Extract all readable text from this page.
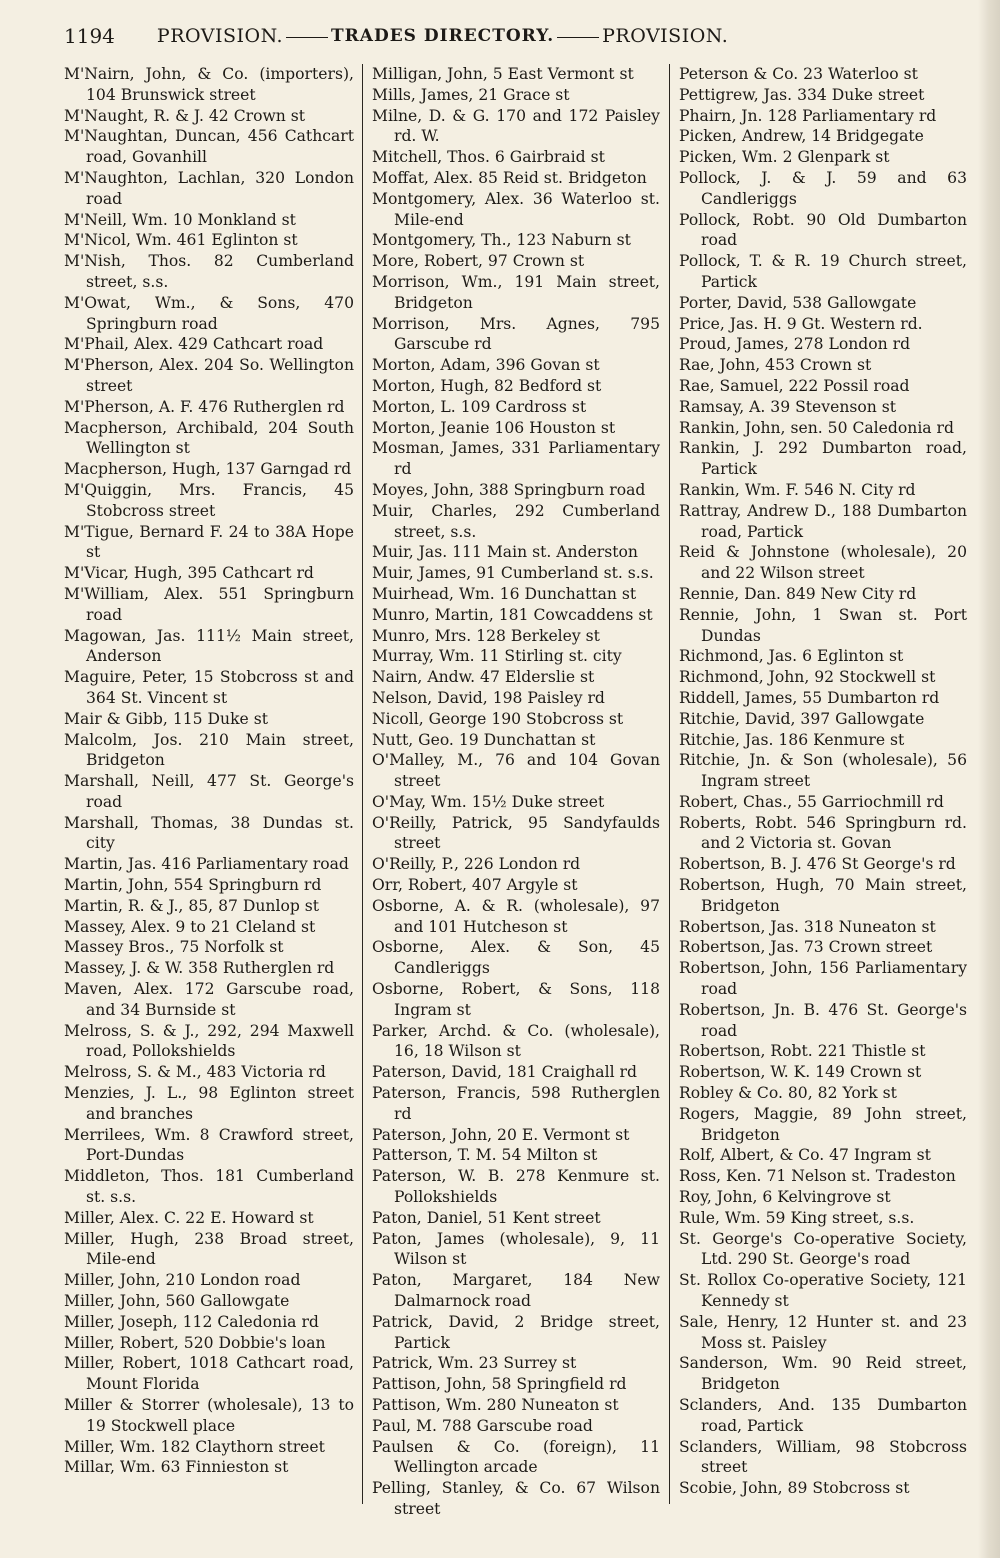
1194 PROVISION.	TRADES DIRECTORY.	PROVISION.

M'Nairn, John, & Co. (importers), 104 Brunswick street

M'Naught, R. & J. 42 Crown st

M'Naughtan, Duncan, 456 Cathcart road, Govanhill

M'Naughton, Lachlan, 320 London road

M'Neill, Wm. 10 Monkland st

M'Nicol, Wm. 461 Eglinton st

M'Nish, Thos. 82 Cumberland street, s.s.

M'Owat, Wm., & Sons, 470 Springburn road

M'Phail, Alex. 429 Cathcart road

M'Pherson, Alex. 204 So. Wellington street

M'Pherson, A. F. 476 Rutherglen rd

Macpherson, Archibald, 204 South Wellington st

Macpherson, Hugh, 137 Garngad rd

M'Quiggin, Mrs. Francis, 45 Stobcross street

M'Tigue, Bernard F. 24 to 38A Hope st

M'Vicar, Hugh, 395 Cathcart rd

M'William, Alex. 551 Springburn road

Magowan, Jas. 111½ Main street, Anderson

Maguire, Peter, 15 Stobcross st and 364 St. Vincent st

Mair & Gibb, 115 Duke st

Malcolm, Jos. 210 Main street, Bridgeton

Marshall, Neill, 477 St. George's road

Marshall, Thomas, 38 Dundas st. city

Martin, Jas. 416 Parliamentary road

Martin, John, 554 Springburn rd

Martin, R. & J., 85, 87 Dunlop st

Massey, Alex. 9 to 21 Cleland st

Massey Bros., 75 Norfolk st

Massey, J. & W. 358 Rutherglen rd

Maven, Alex. 172 Garscube road, and 34 Burnside st

Melross, S. & J., 292, 294 Maxwell road, Pollokshields

Melross, S. & M., 483 Victoria rd

Menzies, J. L., 98 Eglinton street and branches

Merrilees, Wm. 8 Crawford street, Port-Dundas

Middleton, Thos. 181 Cumberland st. s.s.

Miller, Alex. C. 22 E. Howard st

Miller, Hugh, 238 Broad street, Mile-end

Miller, John, 210 London road

Miller, John, 560 Gallowgate

Miller, Joseph, 112 Caledonia rd

Miller, Robert, 520 Dobbie's loan

Miller, Robert, 1018 Cathcart road, Mount Florida

Miller & Storrer (wholesale), 13 to 19 Stockwell place

Miller, Wm. 182 Claythorn street

Millar, Wm. 63 Finnieston st

Milligan, John, 5 East Vermont st

Mills, James, 21 Grace st

Milne, D. & G. 170 and 172 Paisley rd. W.

Mitchell, Thos. 6 Gairbraid st

Moffat, Alex. 85 Reid st. Bridgeton

Montgomery, Alex. 36 Waterloo st. Mile-end

Montgomery, Th., 123 Naburn st

More, Robert, 97 Crown st

Morrison, Wm., 191 Main street, Bridgeton

Morrison, Mrs. Agnes, 795 Garscube rd

Morton, Adam, 396 Govan st

Morton, Hugh, 82 Bedford st

Morton, L. 109 Cardross st

Morton, Jeanie 106 Houston st

Mosman, James, 331 Parliamentary rd

Moyes, John, 388 Springburn road

Muir, Charles, 292 Cumberland street, s.s.

Muir, Jas. 111 Main st. Anderston

Muir, James, 91 Cumberland st. s.s.

Muirhead, Wm. 16 Dunchattan st

Munro, Martin, 181 Cowcaddens st

Munro, Mrs. 128 Berkeley st

Murray, Wm. 11 Stirling st. city

Nairn, Andw. 47 Elderslie st

Nelson, David, 198 Paisley rd

Nicoll, George 190 Stobcross st

Nutt, Geo. 19 Dunchattan st

O'Malley, M., 76 and 104 Govan street

O'May, Wm. 15½ Duke street

O'Reilly, Patrick, 95 Sandyfaulds street

O'Reilly, P., 226 London rd

Orr, Robert, 407 Argyle st

Osborne, A. & R. (wholesale), 97 and 101 Hutcheson st

Osborne, Alex. & Son, 45 Candleriggs

Osborne, Robert, & Sons, 118 Ingram st

Parker, Archd. & Co. (wholesale), 16, 18 Wilson st

Paterson, David, 181 Craighall rd

Paterson, Francis, 598 Rutherglen rd

Paterson, John, 20 E. Vermont st

Patterson, T. M. 54 Milton st

Paterson, W. B. 278 Kenmure st. Pollokshields

Paton, Daniel, 51 Kent street

Paton, James (wholesale), 9, 11 Wilson st

Paton, Margaret, 184 New Dalmarnock road

Patrick, David, 2 Bridge street, Partick

Patrick, Wm. 23 Surrey st

Pattison, John, 58 Springfield rd

Pattison, Wm. 280 Nuneaton st

Paul, M. 788 Garscube road

Paulsen & Co. (foreign), 11 Wellington arcade

Pelling, Stanley, & Co. 67 Wilson street

Peterson & Co. 23 Waterloo st

Pettigrew, Jas. 334 Duke street

Phairn, Jn. 128 Parliamentary rd

Picken, Andrew, 14 Bridgegate

Picken, Wm. 2 Glenpark st

Pollock, J. & J. 59 and 63 Candleriggs

Pollock, Robt. 90 Old Dumbarton road

Pollock, T. & R. 19 Church street, Partick

Porter, David, 538 Gallowgate

Price, Jas. H. 9 Gt. Western rd.

Proud, James, 278 London rd

Rae, John, 453 Crown st

Rae, Samuel, 222 Possil road

Ramsay, A. 39 Stevenson st

Rankin, John, sen. 50 Caledonia rd

Rankin, J. 292 Dumbarton road, Partick

Rankin, Wm. F. 546 N. City rd

Rattray, Andrew D., 188 Dumbarton road, Partick

Reid & Johnstone (wholesale), 20 and 22 Wilson street

Rennie, Dan. 849 New City rd

Rennie, John, 1 Swan st. Port Dundas

Richmond, Jas. 6 Eglinton st

Richmond, John, 92 Stockwell st

Riddell, James, 55 Dumbarton rd

Ritchie, David, 397 Gallowgate

Ritchie, Jas. 186 Kenmure st

Ritchie, Jn. & Son (wholesale), 56 Ingram street

Robert, Chas., 55 Garriochmill rd

Roberts, Robt. 546 Springburn rd. and 2 Victoria st. Govan

Robertson, B. J. 476 St George's rd

Robertson, Hugh, 70 Main street, Bridgeton

Robertson, Jas. 318 Nuneaton st

Robertson, Jas. 73 Crown street

Robertson, John, 156 Parliamentary road

Robertson, Jn. B. 476 St. George's road

Robertson, Robt. 221 Thistle st

Robertson, W. K. 149 Crown st

Robley & Co. 80, 82 York st

Rogers, Maggie, 89 John street, Bridgeton

Rolf, Albert, & Co. 47 Ingram st

Ross, Ken. 71 Nelson st. Tradeston

Roy, John, 6 Kelvingrove st

Rule, Wm. 59 King street, s.s.

St. George's Co-operative Society, Ltd. 290 St. George's road

St. Rollox Co-operative Society, 121 Kennedy st

Sale, Henry, 12 Hunter st. and 23 Moss st. Paisley

Sanderson, Wm. 90 Reid street, Bridgeton

Sclanders, And. 135 Dumbarton road, Partick

Sclanders, William, 98 Stobcross street

Scobie, John, 89 Stobcross st
